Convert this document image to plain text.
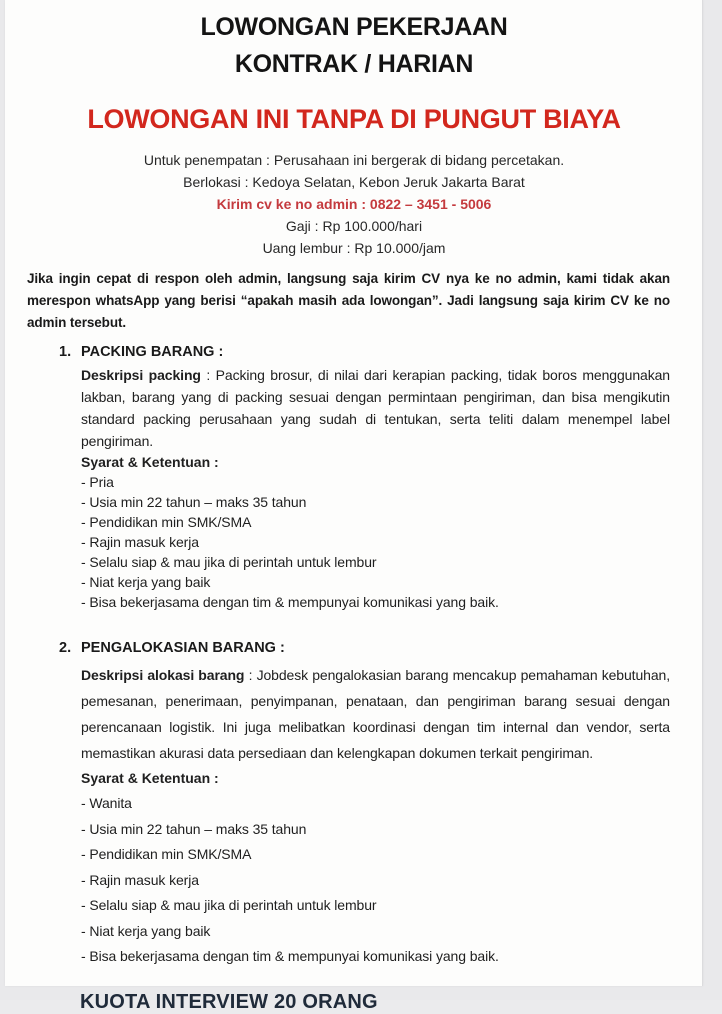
LOWONGAN PEKERJAAN
KONTRAK / HARIAN
LOWONGAN INI TANPA DI PUNGUT BIAYA

Untuk penempatan : Perusahaan ini bergerak di bidang percetakan.

Berlokasi : Kedoya Selatan, Kebon Jeruk Jakarta Barat

Kirim cv ke no admin : 0822 – 3451 - 5006

Gaji : Rp 100.000/hari

Uang lembur : Rp 10.000/jam

Jika ingin cepat di respon oleh admin, langsung saja kirim CV nya ke no admin, kami tidak akan merespon whatsApp yang berisi “apakah masih ada lowongan”. Jadi langsung saja kirim CV ke no admin tersebut.

1. PACKING BARANG :

Deskripsi packing : Packing brosur, di nilai dari kerapian packing, tidak boros menggunakan lakban, barang yang di packing sesuai dengan permintaan pengiriman, dan bisa mengikutin standard packing perusahaan yang sudah di tentukan, serta teliti dalam menempel label pengiriman.

Syarat & Ketentuan :

- Pria
- Usia min 22 tahun – maks 35 tahun
- Pendidikan min SMK/SMA
- Rajin masuk kerja
- Selalu siap & mau jika di perintah untuk lembur
- Niat kerja yang baik
- Bisa bekerjasama dengan tim & mempunyai komunikasi yang baik.
2. PENGALOKASIAN BARANG :

Deskripsi alokasi barang : Jobdesk pengalokasian barang mencakup pemahaman kebutuhan, pemesanan, penerimaan, penyimpanan, penataan, dan pengiriman barang sesuai dengan perencanaan logistik. Ini juga melibatkan koordinasi dengan tim internal dan vendor, serta memastikan akurasi data persediaan dan kelengkapan dokumen terkait pengiriman.

Syarat & Ketentuan :

- Wanita
- Usia min 22 tahun – maks 35 tahun
- Pendidikan min SMK/SMA
- Rajin masuk kerja
- Selalu siap & mau jika di perintah untuk lembur
- Niat kerja yang baik
- Bisa bekerjasama dengan tim & mempunyai komunikasi yang baik.
KUOTA INTERVIEW 20 ORANG
